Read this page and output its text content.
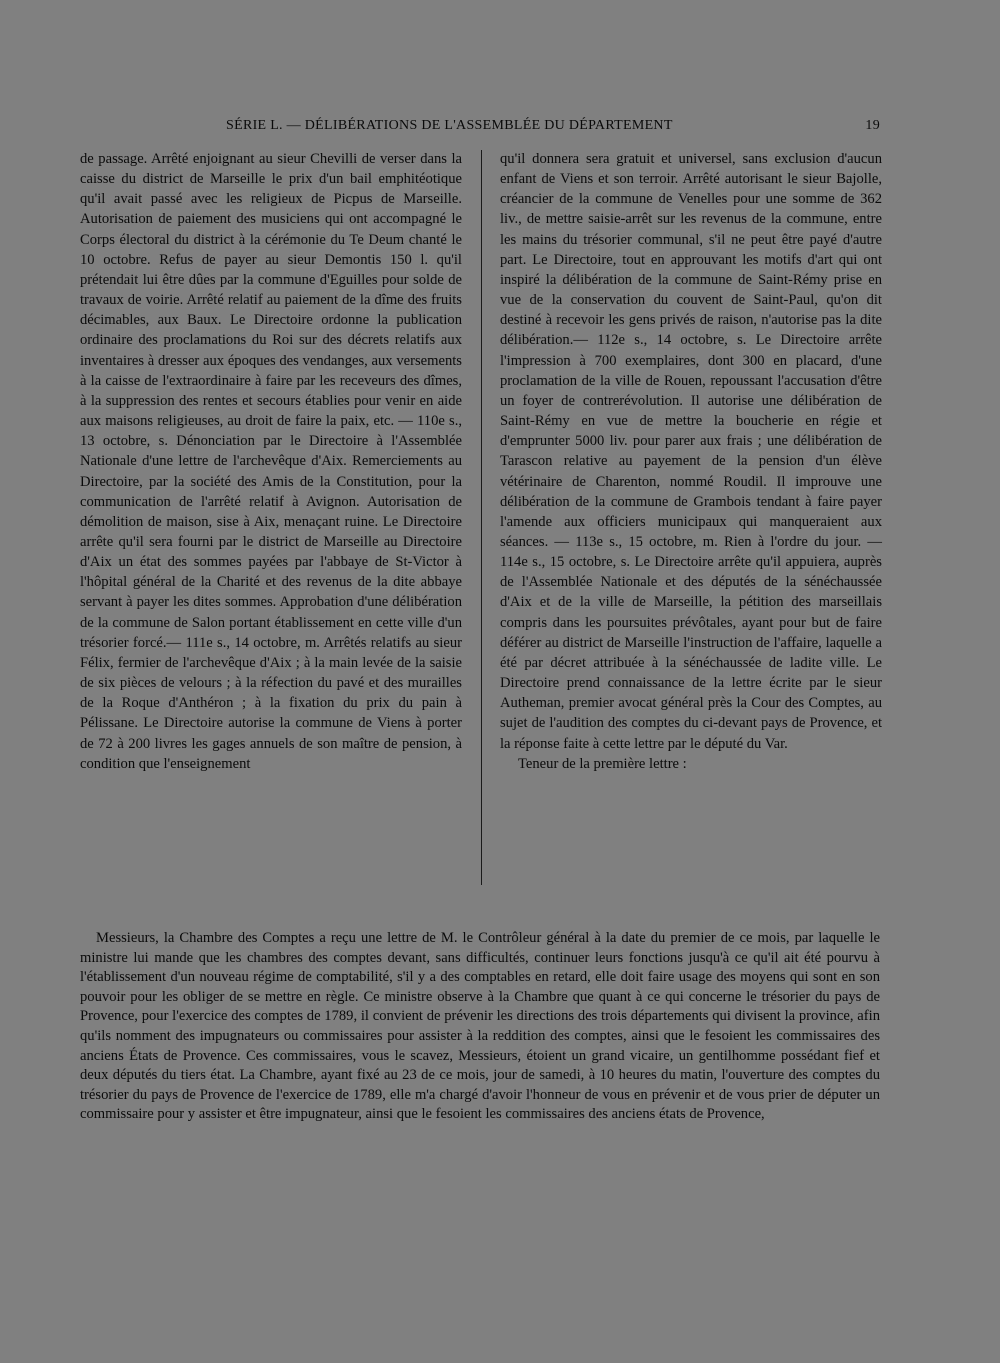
SÉRIE L. — DÉLIBÉRATIONS DE L'ASSEMBLÉE DU DÉPARTEMENT	19

de passage. Arrêté enjoignant au sieur Chevilli de verser dans la caisse du district de Marseille le prix d'un bail emphitéotique qu'il avait passé avec les religieux de Picpus de Marseille. Autorisation de paiement des musiciens qui ont accompagné le Corps électoral du district à la cérémonie du Te Deum chanté le 10 octobre. Refus de payer au sieur Demontis 150 l. qu'il prétendait lui être dûes par la commune d'Eguilles pour solde de travaux de voirie. Arrêté relatif au paiement de la dîme des fruits décimables, aux Baux. Le Directoire ordonne la publication ordinaire des proclamations du Roi sur des décrets relatifs aux inventaires à dresser aux époques des vendanges, aux versements à la caisse de l'extraordinaire à faire par les receveurs des dîmes, à la suppression des rentes et secours établies pour venir en aide aux maisons religieuses, au droit de faire la paix, etc. — 110e s., 13 octobre, s. Dénonciation par le Directoire à l'Assemblée Nationale d'une lettre de l'archevêque d'Aix. Remerciements au Directoire, par la société des Amis de la Constitution, pour la communication de l'arrêté relatif à Avignon. Autorisation de démolition de maison, sise à Aix, menaçant ruine. Le Directoire arrête qu'il sera fourni par le district de Marseille au Directoire d'Aix un état des sommes payées par l'abbaye de St-Victor à l'hôpital général de la Charité et des revenus de la dite abbaye servant à payer les dites sommes. Approbation d'une délibération de la commune de Salon portant établissement en cette ville d'un trésorier forcé.— 111e s., 14 octobre, m. Arrêtés relatifs au sieur Félix, fermier de l'archevêque d'Aix ; à la main levée de la saisie de six pièces de velours ; à la réfection du pavé et des murailles de la Roque d'Anthéron ; à la fixation du prix du pain à Pélissane. Le Directoire autorise la commune de Viens à porter de 72 à 200 livres les gages annuels de son maître de pension, à condition que l'enseignement

qu'il donnera sera gratuit et universel, sans exclusion d'aucun enfant de Viens et son terroir. Arrêté autorisant le sieur Bajolle, créancier de la commune de Venelles pour une somme de 362 liv., de mettre saisie-arrêt sur les revenus de la commune, entre les mains du trésorier communal, s'il ne peut être payé d'autre part. Le Directoire, tout en approuvant les motifs d'art qui ont inspiré la délibération de la commune de Saint-Rémy prise en vue de la conservation du couvent de Saint-Paul, qu'on dit destiné à recevoir les gens privés de raison, n'autorise pas la dite délibération.— 112e s., 14 octobre, s. Le Directoire arrête l'impression à 700 exemplaires, dont 300 en placard, d'une proclamation de la ville de Rouen, repoussant l'accusation d'être un foyer de contrerévolution. Il autorise une délibération de Saint-Rémy en vue de mettre la boucherie en régie et d'emprunter 5000 liv. pour parer aux frais ; une délibération de Tarascon relative au payement de la pension d'un élève vétérinaire de Charenton, nommé Roudil. Il improuve une délibération de la commune de Grambois tendant à faire payer l'amende aux officiers municipaux qui manqueraient aux séances. — 113e s., 15 octobre, m. Rien à l'ordre du jour. — 114e s., 15 octobre, s. Le Directoire arrête qu'il appuiera, auprès de l'Assemblée Nationale et des députés de la sénéchaussée d'Aix et de la ville de Marseille, la pétition des marseillais compris dans les poursuites prévôtales, ayant pour but de faire déférer au district de Marseille l'instruction de l'affaire, laquelle a été par décret attribuée à la sénéchaussée de ladite ville. Le Directoire prend connaissance de la lettre écrite par le sieur Autheman, premier avocat général près la Cour des Comptes, au sujet de l'audition des comptes du ci-devant pays de Provence, et la réponse faite à cette lettre par le député du Var.

Teneur de la première lettre :

Messieurs, la Chambre des Comptes a reçu une lettre de M. le Contrôleur général à la date du premier de ce mois, par laquelle le ministre lui mande que les chambres des comptes devant, sans difficultés, continuer leurs fonctions jusqu'à ce qu'il ait été pourvu à l'établissement d'un nouveau régime de comptabilité, s'il y a des comptables en retard, elle doit faire usage des moyens qui sont en son pouvoir pour les obliger de se mettre en règle. Ce ministre observe à la Chambre que quant à ce qui concerne le trésorier du pays de Provence, pour l'exercice des comptes de 1789, il convient de prévenir les directions des trois départements qui divisent la province, afin qu'ils nomment des impugnateurs ou commissaires pour assister à la reddition des comptes, ainsi que le fesoient les commissaires des anciens États de Provence. Ces commissaires, vous le scavez, Messieurs, étoient un grand vicaire, un gentilhomme possédant fief et deux députés du tiers état. La Chambre, ayant fixé au 23 de ce mois, jour de samedi, à 10 heures du matin, l'ouverture des comptes du trésorier du pays de Provence de l'exercice de 1789, elle m'a chargé d'avoir l'honneur de vous en prévenir et de vous prier de députer un commissaire pour y assister et être impugnateur, ainsi que le fesoient les commissaires des anciens états de Provence,
